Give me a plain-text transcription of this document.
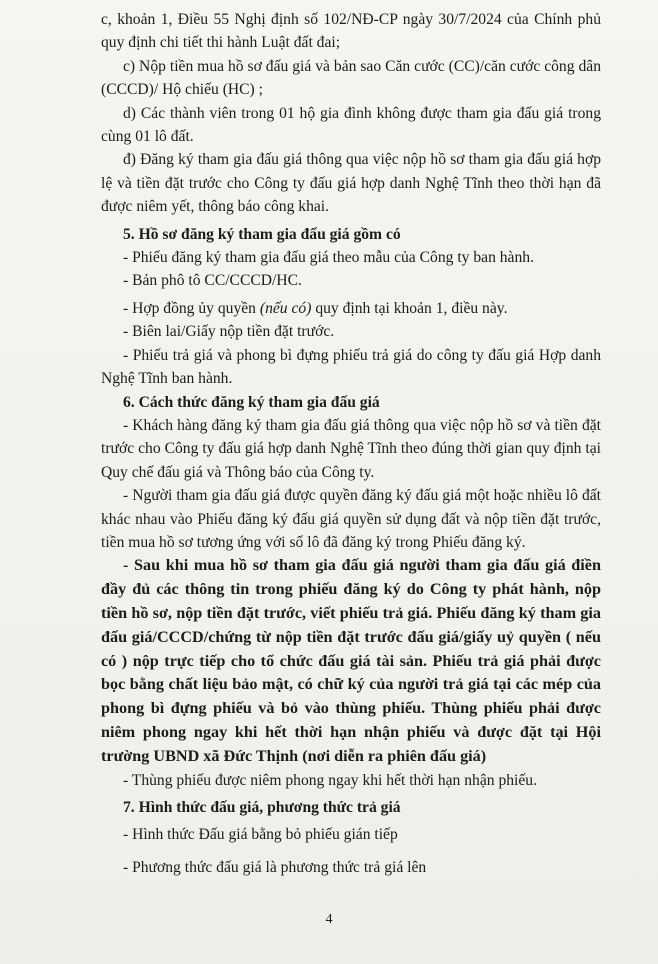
c, khoản 1, Điều 55 Nghị định số 102/NĐ-CP ngày 30/7/2024 của Chính phủ quy định chi tiết thi hành Luật đất đai;

c) Nộp tiền mua hồ sơ đấu giá và bản sao Căn cước (CC)/căn cước công dân (CCCD)/ Hộ chiếu (HC) ;

d) Các thành viên trong 01 hộ gia đình không được tham gia đấu giá trong cùng 01 lô đất.

đ) Đăng ký tham gia đấu giá thông qua việc nộp hồ sơ tham gia đấu giá hợp lệ và tiền đặt trước cho Công ty đấu giá hợp danh Nghệ Tĩnh theo thời hạn đã được niêm yết, thông báo công khai.

5. Hồ sơ đăng ký tham gia đấu giá gồm có

- Phiếu đăng ký tham gia đấu giá theo mẫu của Công ty ban hành.

- Bản phô tô CC/CCCD/HC.

- Hợp đồng ủy quyền (nếu có) quy định tại khoản 1, điều này.

- Biên lai/Giấy nộp tiền đặt trước.

- Phiếu trả giá và phong bì đựng phiếu trả giá do công ty đấu giá Hợp danh Nghệ Tĩnh ban hành.

6. Cách thức đăng ký tham gia đấu giá

- Khách hàng đăng ký tham gia đấu giá thông qua việc nộp hồ sơ và tiền đặt trước cho Công ty đấu giá hợp danh Nghệ Tĩnh theo đúng thời gian quy định tại Quy chế đấu giá và Thông báo của Công ty.

- Người tham gia đấu giá được quyền đăng ký đấu giá một hoặc nhiều lô đất khác nhau vào Phiếu đăng ký đấu giá quyền sử dụng đất và nộp tiền đặt trước, tiền mua hồ sơ tương ứng với số lô đã đăng ký trong Phiếu đăng ký.

- Sau khi mua hồ sơ tham gia đấu giá người tham gia đấu giá điền đầy đủ các thông tin trong phiếu đăng ký do Công ty phát hành, nộp tiền hồ sơ, nộp tiền đặt trước, viết phiếu trả giá. Phiếu đăng ký tham gia đấu giá/CCCD/chứng từ nộp tiền đặt trước đấu giá/giấy uỷ quyền ( nếu có ) nộp trực tiếp cho tổ chức đấu giá tài sản. Phiếu trả giá phải được bọc bằng chất liệu bảo mật, có chữ ký của người trả giá tại các mép của phong bì đựng phiếu và bỏ vào thùng phiếu. Thùng phiếu phải được niêm phong ngay khi hết thời hạn nhận phiếu và được đặt tại Hội trường UBND xã Đức Thịnh (nơi diễn ra phiên đấu giá)

- Thùng phiếu được niêm phong ngay khi hết thời hạn nhận phiếu.

7. Hình thức đấu giá, phương thức trả giá

- Hình thức Đấu giá bằng bỏ phiếu gián tiếp

- Phương thức đấu giá là phương thức trả giá lên

4
